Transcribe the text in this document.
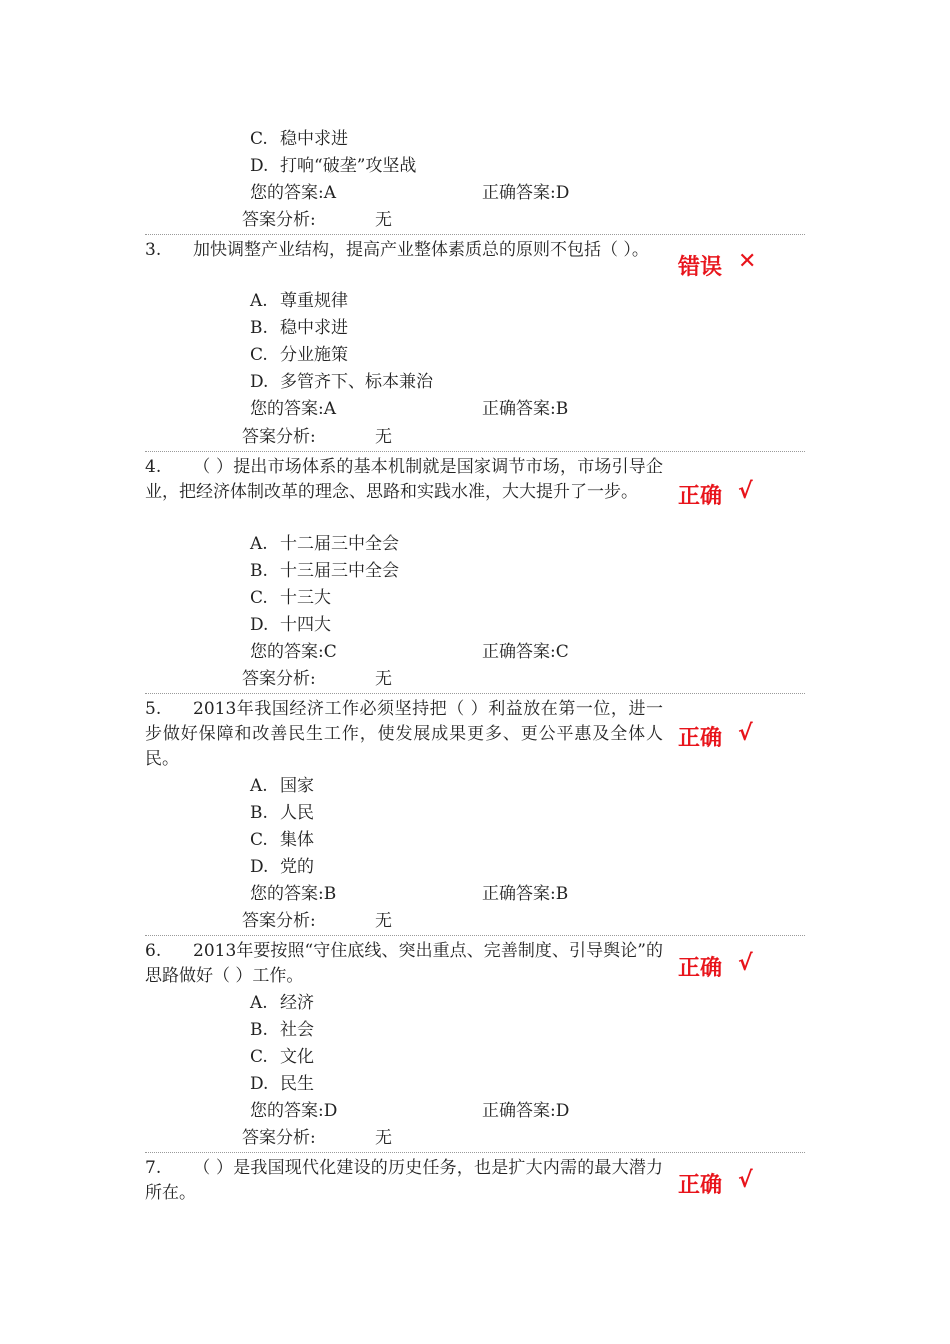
C. 稳中求进
D. 打响“破垄”攻坚战
您的答案:A	正确答案:D
答案分析:	无
3. 加快调整产业结构，提高产业整体素质总的原则不包括（ ）。
错误 ✕
A. 尊重规律
B. 稳中求进
C. 分业施策
D. 多管齐下、标本兼治
您的答案:A	正确答案:B
答案分析:	无
4. （ ）提出市场体系的基本机制就是国家调节市场，市场引导企业，把经济体制改革的理念、思路和实践水准，大大提升了一步。	正确 √
A. 十二届三中全会
B. 十三届三中全会
C. 十三大
D. 十四大
您的答案:C	正确答案:C
答案分析:	无
5. 2013年我国经济工作必须坚持把（ ）利益放在第一位，进一步做好保障和改善民生工作，使发展成果更多、更公平惠及全体人民。
正确 √
A. 国家
B. 人民
C. 集体
D. 党的
您的答案:B	正确答案:B
答案分析:	无
6. 2013年要按照“守住底线、突出重点、完善制度、引导舆论”的思路做好（ ）工作。	正确 √
A. 经济
B. 社会
C. 文化
D. 民生
您的答案:D	正确答案:D
答案分析:	无
7. （ ）是我国现代化建设的历史任务，也是扩大内需的最大潜力所在。	正确 √
